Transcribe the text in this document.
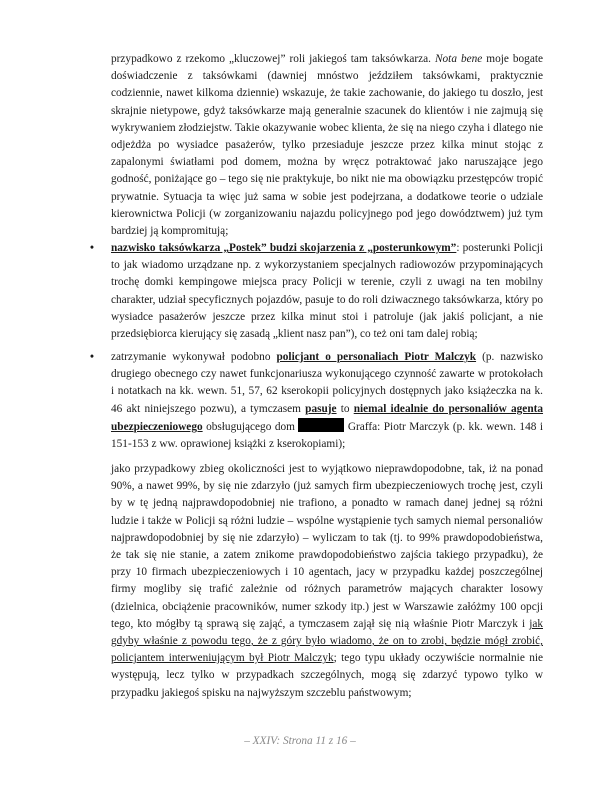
przypadkowo z rzekomo „kluczowej” roli jakiegoś tam taksówkarza. Nota bene moje bogate doświadczenie z taksówkami (dawniej mnóstwo jeździłem taksówkami, praktycznie codziennie, nawet kilkoma dziennie) wskazuje, że takie zachowanie, do jakiego tu doszło, jest skrajnie nietypowe, gdyż taksówkarze mają generalnie szacunek do klientów i nie zajmują się wykrywaniem złodziejstw. Takie okazywanie wobec klienta, że się na niego czyha i dlatego nie odjeżdża po wysiadce pasażerów, tylko przesiaduje jeszcze przez kilka minut stojąc z zapalonymi światłami pod domem, można by wręcz potraktować jako naruszające jego godność, poniżające go – tego się nie praktykuje, bo nikt nie ma obowiązku przestępców tropić prywatnie. Sytuacja ta więc już sama w sobie jest podejrzana, a dodatkowe teorie o udziale kierownictwa Policji (w zorganizowaniu najazdu policyjnego pod jego dowództwem) już tym bardziej ją kompromitują;

•	nazwisko taksówkarza „Postek” budzi skojarzenia z „posterunkowym”: posterunki Policji to jak wiadomo urządzane np. z wykorzystaniem specjalnych radiowozów przypominających trochę domki kempingowe miejsca pracy Policji w terenie, czyli z uwagi na ten mobilny charakter, udział specyficznych pojazdów, pasuje to do roli dziwacznego taksówkarza, który po wysiadce pasażerów jeszcze przez kilka minut stoi i patroluje (jak jakiś policjant, a nie przedsiębiorca kierujący się zasadą „klient nasz pan”), co też oni tam dalej robią;

•	zatrzymanie wykonywał podobno policjant o personaliach Piotr Malczyk (p. nazwisko drugiego obecnego czy nawet funkcjonariusza wykonującego czynność zawarte w protokołach i notatkach na kk. wewn. 51, 57, 62 kserokopii policyjnych dostępnych jako książeczka na k. 46 akt niniejszego pozwu), a tymczasem pasuje to niemal idealnie do personaliów agenta ubezpieczeniowego obsługującego dom	Graffa: Piotr Marczyk (p. kk. wewn. 148 i 151-153 z ww. oprawionej książki z kserokopiami);

jako przypadkowy zbieg okoliczności jest to wyjątkowo nieprawdopodobne, tak, iż na ponad 90%, a nawet 99%, by się nie zdarzyło (już samych firm ubezpieczeniowych trochę jest, czyli by w tę jedną najprawdopodobniej nie trafiono, a ponadto w ramach danej jednej są różni ludzie i także w Policji są różni ludzie – wspólne wystąpienie tych samych niemal personaliów najprawdopodobniej by się nie zdarzyło) – wyliczam to tak (tj. to 99% prawdopodobieństwa, że tak się nie stanie, a zatem znikome prawdopodobieństwo zajścia takiego przypadku), że przy 10 firmach ubezpieczeniowych i 10 agentach, jacy w przypadku każdej poszczególnej firmy mogliby się trafić zależnie od różnych parametrów mających charakter losowy (dzielnica, obciążenie pracowników, numer szkody itp.) jest w Warszawie załóżmy 100 opcji tego, kto mógłby tą sprawą się zająć, a tymczasem zajął się nią właśnie Piotr Marczyk i jak gdyby właśnie z powodu tego, że z góry było wiadomo, że on to zrobi, będzie mógł zrobić, policjantem interweniującym był Piotr Malczyk; tego typu układy oczywiście normalnie nie występują, lecz tylko w przypadkach szczególnych, mogą się zdarzyć typowo tylko w przypadku jakiegoś spisku na najwyższym szczeblu państwowym;

– XXIV: Strona 11 z 16 –
